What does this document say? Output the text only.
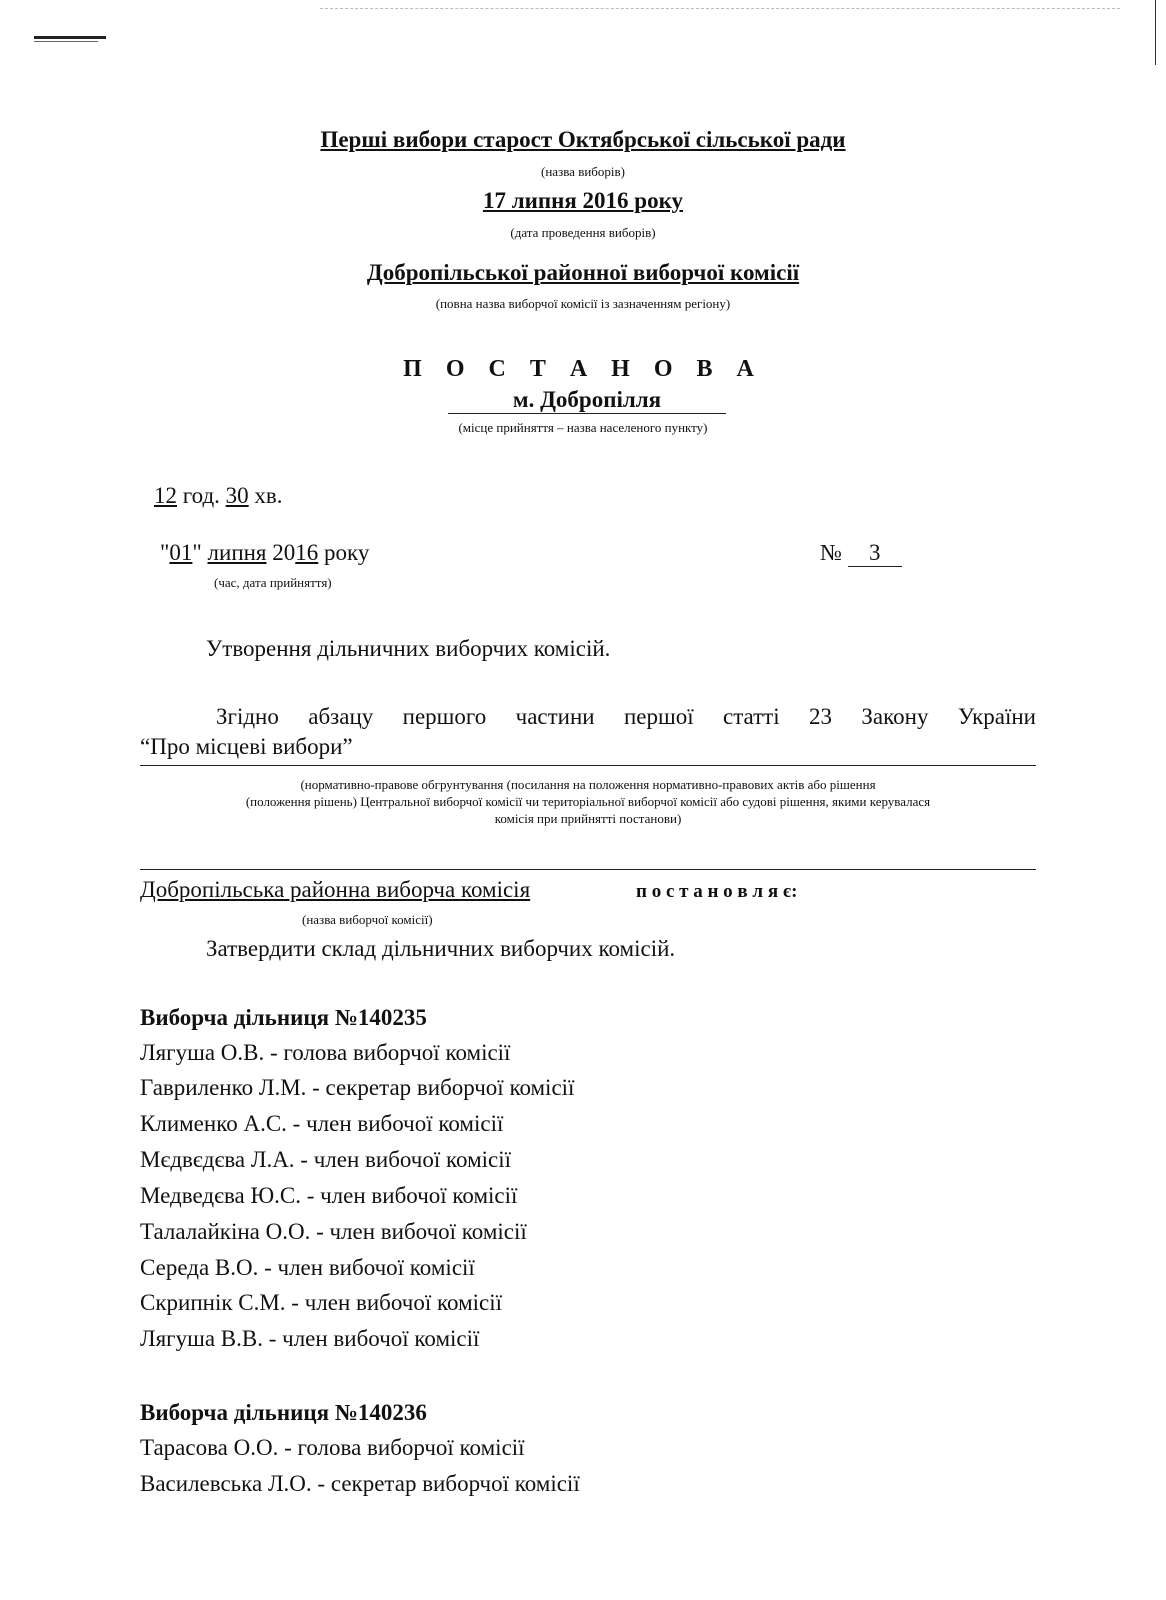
Перші вибори старост Октябрської сільської ради
(назва виборів)
17 липня 2016 року
(дата проведення виборів)
Добропільської районної виборчої комісії
(повна назва виборчої комісії із зазначенням регіону)
П О С Т А Н О В А
м. Добропілля
(місце прийняття – назва населеного пункту)
12 год. 30 хв.
"01" липня 2016 року
(час, дата прийняття)
№ 3
Утворення дільничних виборчих комісій.
Згідно абзацу першого частини першої статті 23 Закону України
“Про місцеві вибори”
(нормативно-правове обгрунтування (посилання на положення нормативно-правових актів або рішення
(положення рішень) Центральної виборчої комісії чи територіальної виборчої комісії або судові рішення, якими керувалася
комісія при прийнятті постанови)
Добропільська районна виборча комісія	п о с т а н о в л я є:
(назва виборчої комісії)
Затвердити склад дільничних виборчих комісій.
Виборча дільниця №140235
Лягуша О.В. - голова виборчої комісії
Гавриленко Л.М. - секретар виборчої комісії
Клименко А.С. - член вибочої комісії
Мєдвєдєва Л.А. - член вибочої комісії
Медведєва Ю.С. - член вибочої комісії
Талалайкіна О.О. - член вибочої комісії
Середа В.О. - член вибочої комісії
Скрипнік С.М. - член вибочої комісії
Лягуша В.В. - член вибочої комісії
Виборча дільниця №140236
Тарасова О.О. - голова виборчої комісії
Василевська Л.О. - секретар виборчої комісії
